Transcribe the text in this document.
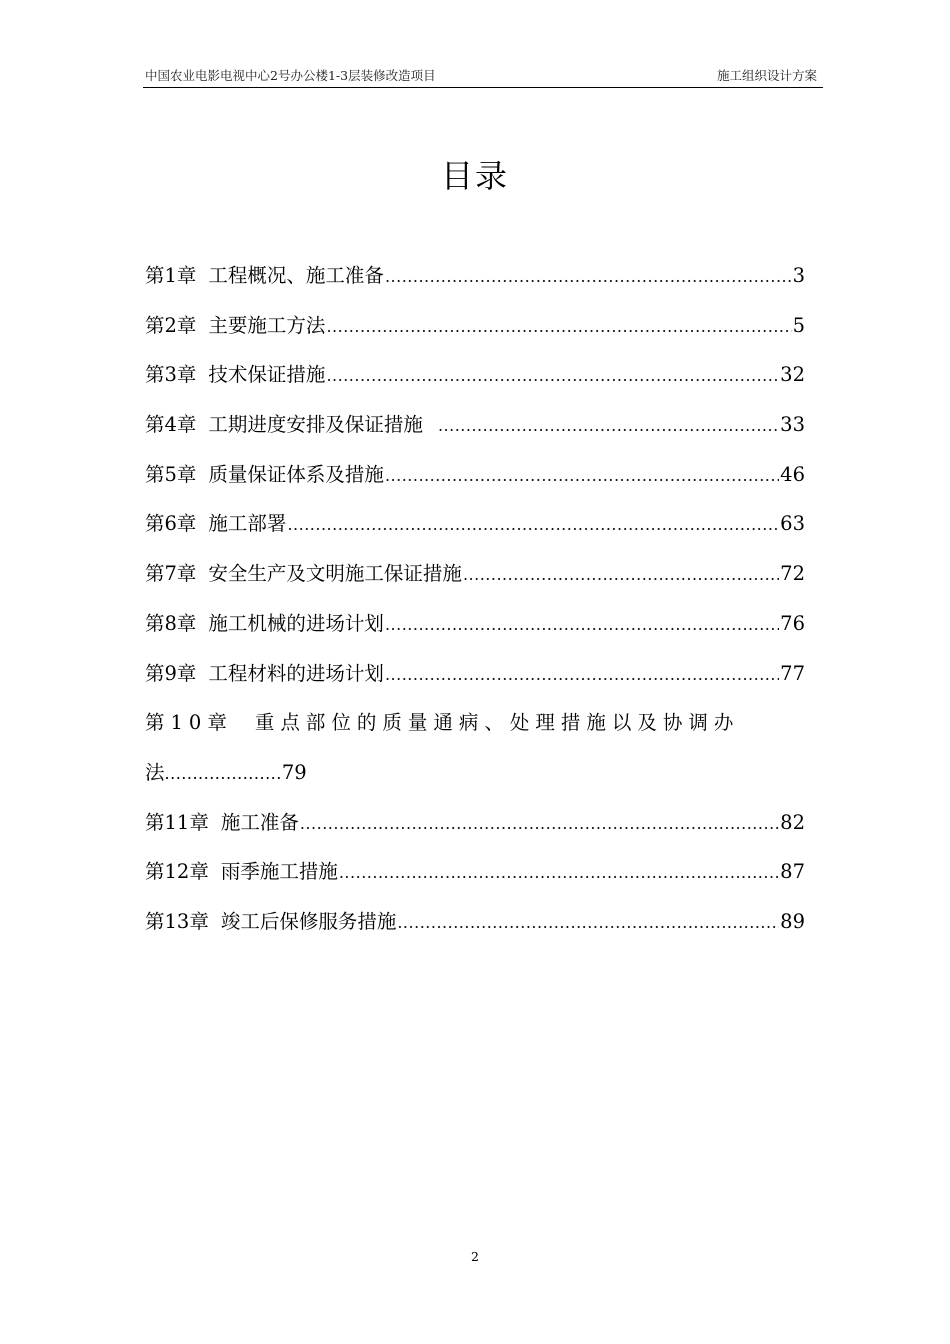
中国农业电影电视中心2号办公楼1-3层装修改造项目	施工组织设计方案
目录
第1章 工程概况、施工准备 .....	3
第2章 主要施工方法 .....	5
第3章 技术保证措施 .....	32
第4章 工期进度安排及保证措施 .....	33
第5章 质量保证体系及措施 .....	46
第6章 施工部署 .....	63
第7章 安全生产及文明施工保证措施 .....	72
第8章 施工机械的进场计划 .....	76
第9章 工程材料的进场计划 .....	77
第10章 重点部位的质量通病、处理措施以及协调办
法 ..................... 79
第11章 施工准备 .....	82
第12章 雨季施工措施 .....	87
第13章 竣工后保修服务措施 .....	89
2
